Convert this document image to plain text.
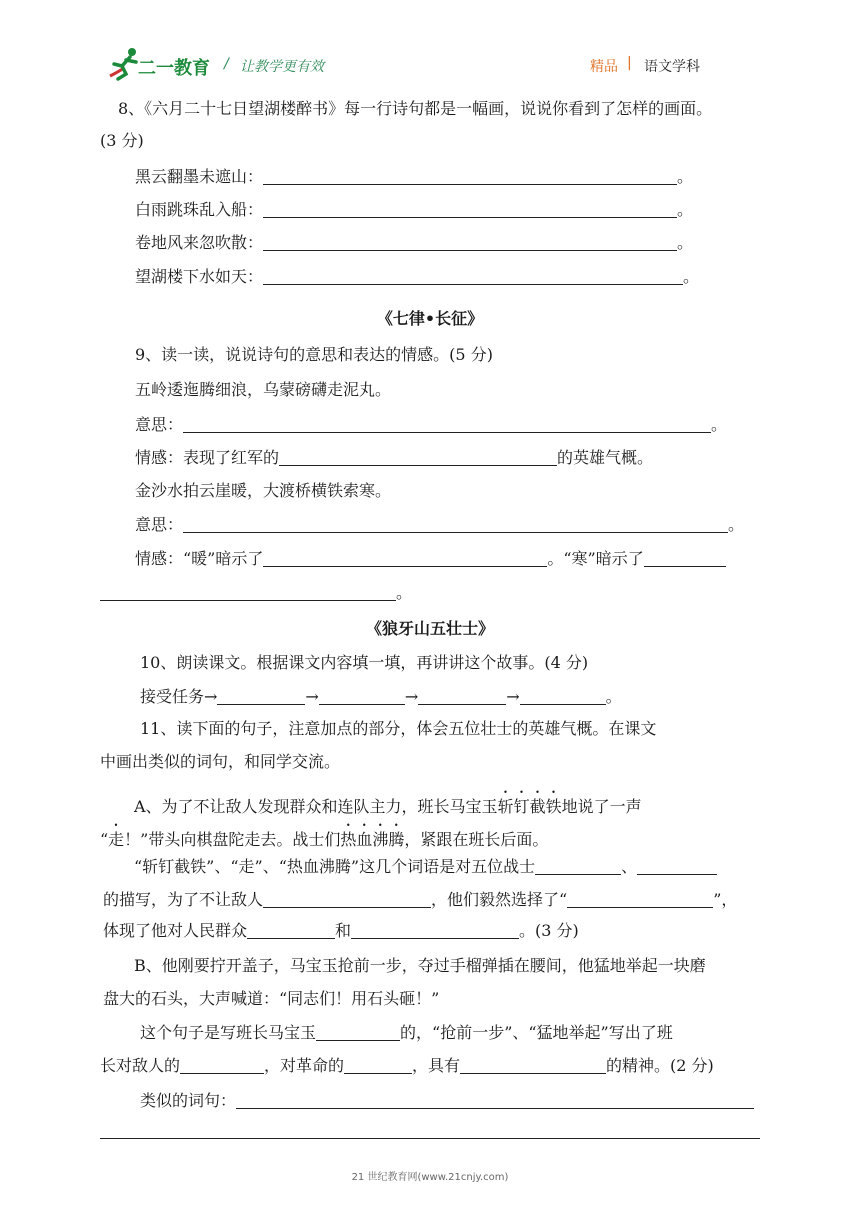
二一教育 / 让教学更有效	精品 | 语文学科
8、《六月二十七日望湖楼醉书》每一行诗句都是一幅画，说说你看到了怎样的画面。
(3 分)
黑云翻墨未遮山：	。
白雨跳珠乱入船：	。
卷地风来忽吹散：	。
望湖楼下水如天：	。
《七律•长征》
9、读一读，说说诗句的意思和表达的情感。(5 分)
五岭逶迤腾细浪，乌蒙磅礴走泥丸。
意思：	。
情感：表现了红军的	的英雄气概。
金沙水拍云崖暖，大渡桥横铁索寒。
意思：	。
情感：“暖”暗示了	。“寒”暗示了
。
《狼牙山五壮士》
10、朗读课文。根据课文内容填一填，再讲讲这个故事。(4 分)
接受任务→	→	→	→	。
11、读下面的句子，注意加点的部分，体会五位壮士的英雄气概。在课文
中画出类似的词句，和同学交流。
A、为了不让敌人发现群众和连队主力，班长马宝玉斩钉截铁地说了一声
“走！”带头向棋盘陀走去。战士们热血沸腾，紧跟在班长后面。
“斩钉截铁”、“走”、“热血沸腾”这几个词语是对五位战士	、
的描写，为了不让敌人	，他们毅然选择了“	”，
体现了他对人民群众	和	。(3 分)
B、他刚要拧开盖子，马宝玉抢前一步，夺过手榴弹插在腰间，他猛地举起一块磨
盘大的石头，大声喊道：“同志们！用石头砸！”
这个句子是写班长马宝玉	的，“抢前一步”、“猛地举起”写出了班
长对敌人的	，对革命的	，具有	的精神。(2 分)
类似的词句：
21 世纪教育网(www.21cnjy.com)
